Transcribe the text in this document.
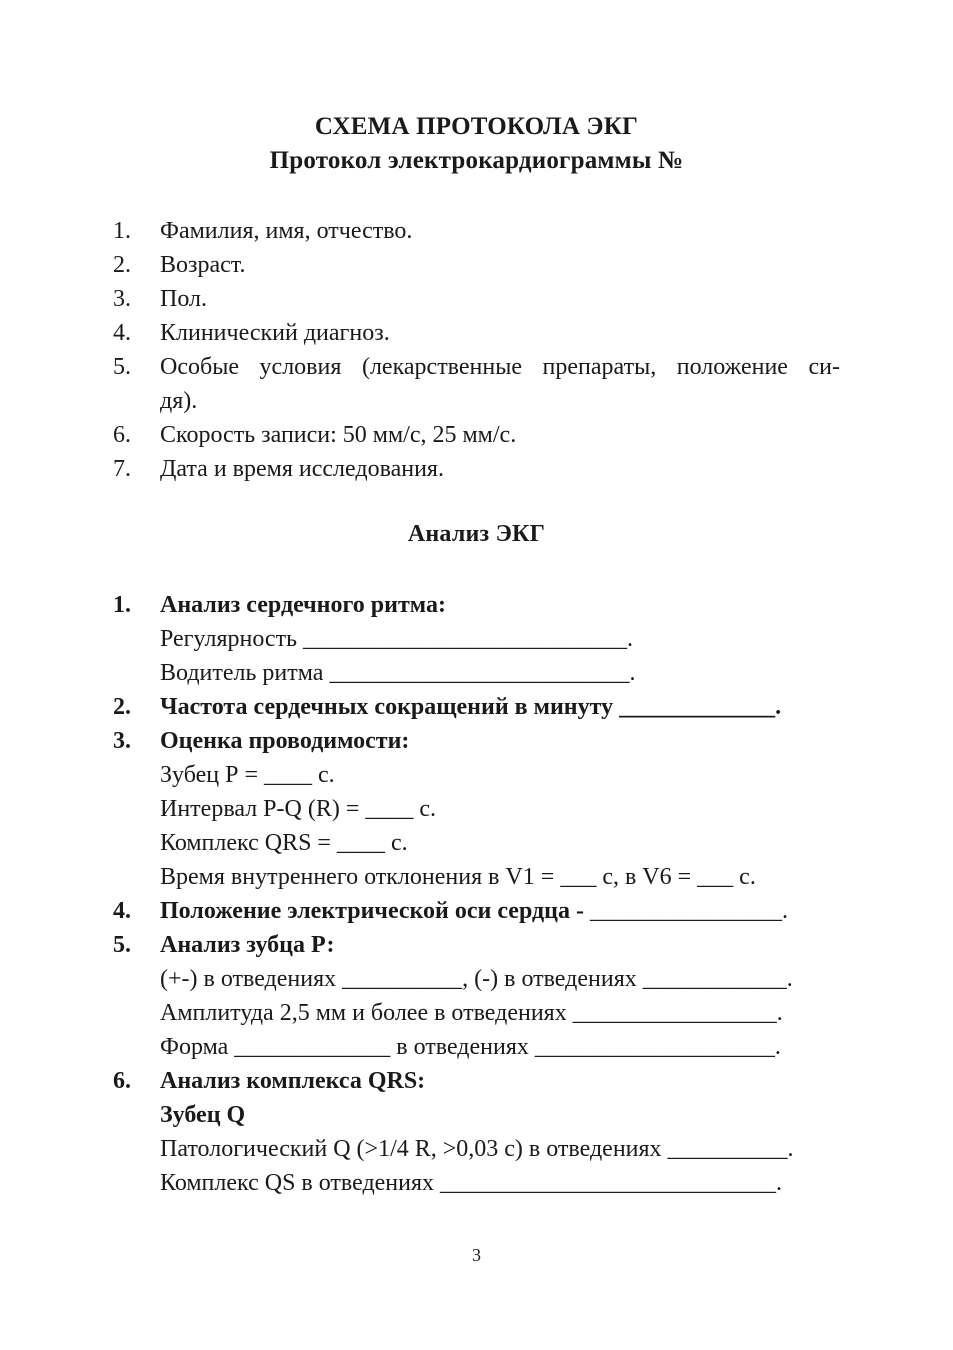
СХЕМА ПРОТОКОЛА ЭКГ
Протокол электрокардиограммы №
1. Фамилия, имя, отчество.
2. Возраст.
3. Пол.
4. Клинический диагноз.
5. Особые условия (лекарственные препараты, положение си-
дя).
6. Скорость записи: 50 мм/с, 25 мм/с.
7. Дата и время исследования.
Анализ ЭКГ
1. Анализ сердечного ритма:
Регулярность ___________________________.
Водитель ритма _________________________.
2. Частота сердечных сокращений в минуту _____________.
3. Оценка проводимости:
Зубец Р = ____ с.
Интервал P-Q (R) = ____ с.
Комплекс QRS = ____ с.
Время внутреннего отклонения в V1 = ___ с, в V6 = ___ с.
4. Положение электрической оси сердца - ________________.
5. Анализ зубца Р:
(+-) в отведениях __________, (-) в отведениях ____________.
Амплитуда 2,5 мм и более в отведениях _________________.
Форма _____________ в отведениях ____________________.
6. Анализ комплекса QRS:
Зубец Q
Патологический Q (>1/4 R, >0,03 с) в отведениях __________.
Комплекс QS в отведениях ____________________________.
3
